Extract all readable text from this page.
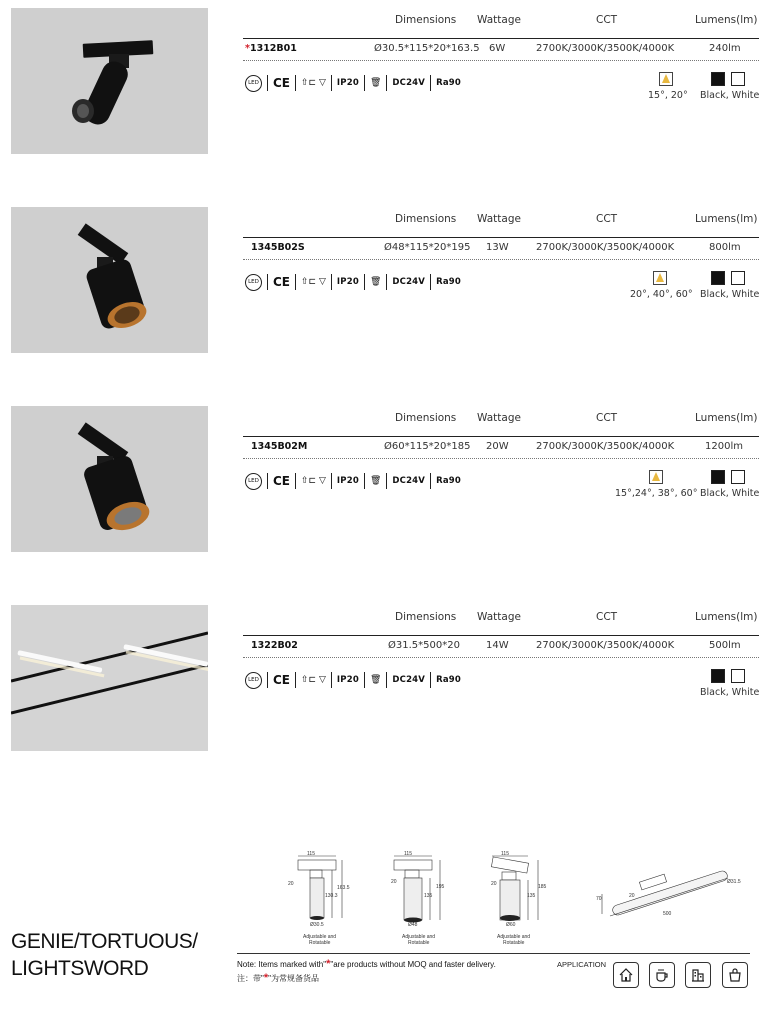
Dimensions Wattage	CCT	Lumens(lm)
*1312B01	Ø30.5*115*20*163.5 6W	2700K/3000K/3500K/4000K	240lm
LED CE ⇧⊏
▽ IP20 🗑 DC24V Ra90
15°, 20° Black, White
Dimensions Wattage	CCT	Lumens(lm)
1345B02S	Ø48*115*20*195 13W	2700K/3000K/3500K/4000K	800lm
LED CE ⇧⊏
▽ IP20 🗑 DC24V Ra90
20°, 40°, 60° Black, White
Dimensions Wattage	CCT	Lumens(lm)
1345B02M	Ø60*115*20*185 20W	2700K/3000K/3500K/4000K	1200lm
LED CE ⇧⊏
▽ IP20 🗑 DC24V Ra90
15°,24°, 38°, 60° Black, White
Dimensions Wattage	CCT	Lumens(lm)
1322B02	Ø31.5*500*20	14W	2700K/3000K/3500K/4000K	500lm
LED CE ⇧⊏
▽ IP20 🗑 DC24V Ra90
Black, White
115
20
130.3
163.5
Ø30.5
Adjustable and
Rotatable
115
20
135
195
Ø48
Adjustable and
Rotatable
115
20
135
185
Ø60
Adjustable and
Rotatable
70	20
500
Ø31.5
GENIE/TORTUOUS/
LIGHTSWORD	Note: Items marked with"*"are products without MOQ and faster delivery.
注：带"*"为常规备货品
APPLICATION
